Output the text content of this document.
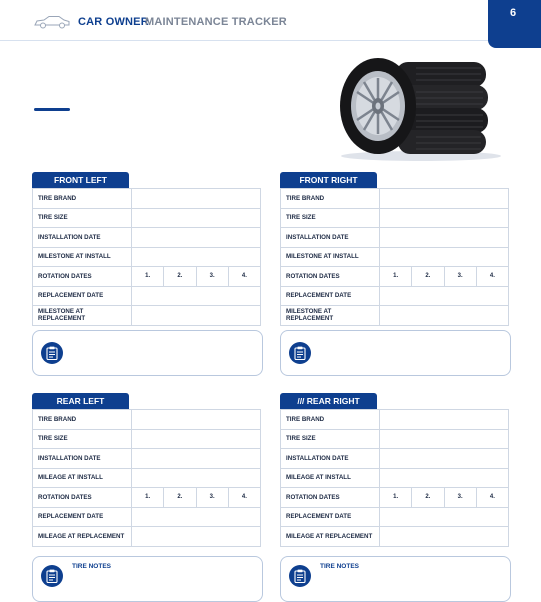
CAR OWNER
MAINTENANCE TRACKER
6
FRONT LEFT
TIRE BRAND	
TIRE SIZE	
INSTALLATION DATE	
MILESTONE AT INSTALL	
ROTATION DATES	1. 2. 3. 4.

REPLACEMENT DATE	
MILESTONE AT REPLACEMENT	
FRONT RIGHT
TIRE BRAND	
TIRE SIZE	
INSTALLATION DATE	
MILESTONE AT INSTALL	
ROTATION DATES	1. 2. 3. 4.

REPLACEMENT DATE	
MILESTONE AT REPLACEMENT	
REAR LEFT
TIRE BRAND	
TIRE SIZE	
INSTALLATION DATE	
MILEAGE AT INSTALL	
ROTATION DATES	1. 2. 3. 4.

REPLACEMENT DATE	
MILEAGE AT REPLACEMENT	
TIRE NOTES
/// REAR RIGHT
TIRE BRAND	
TIRE SIZE	
INSTALLATION DATE	
MILEAGE AT INSTALL	
ROTATION DATES	1. 2. 3. 4.

REPLACEMENT DATE	
MILEAGE AT REPLACEMENT	
TIRE NOTES
